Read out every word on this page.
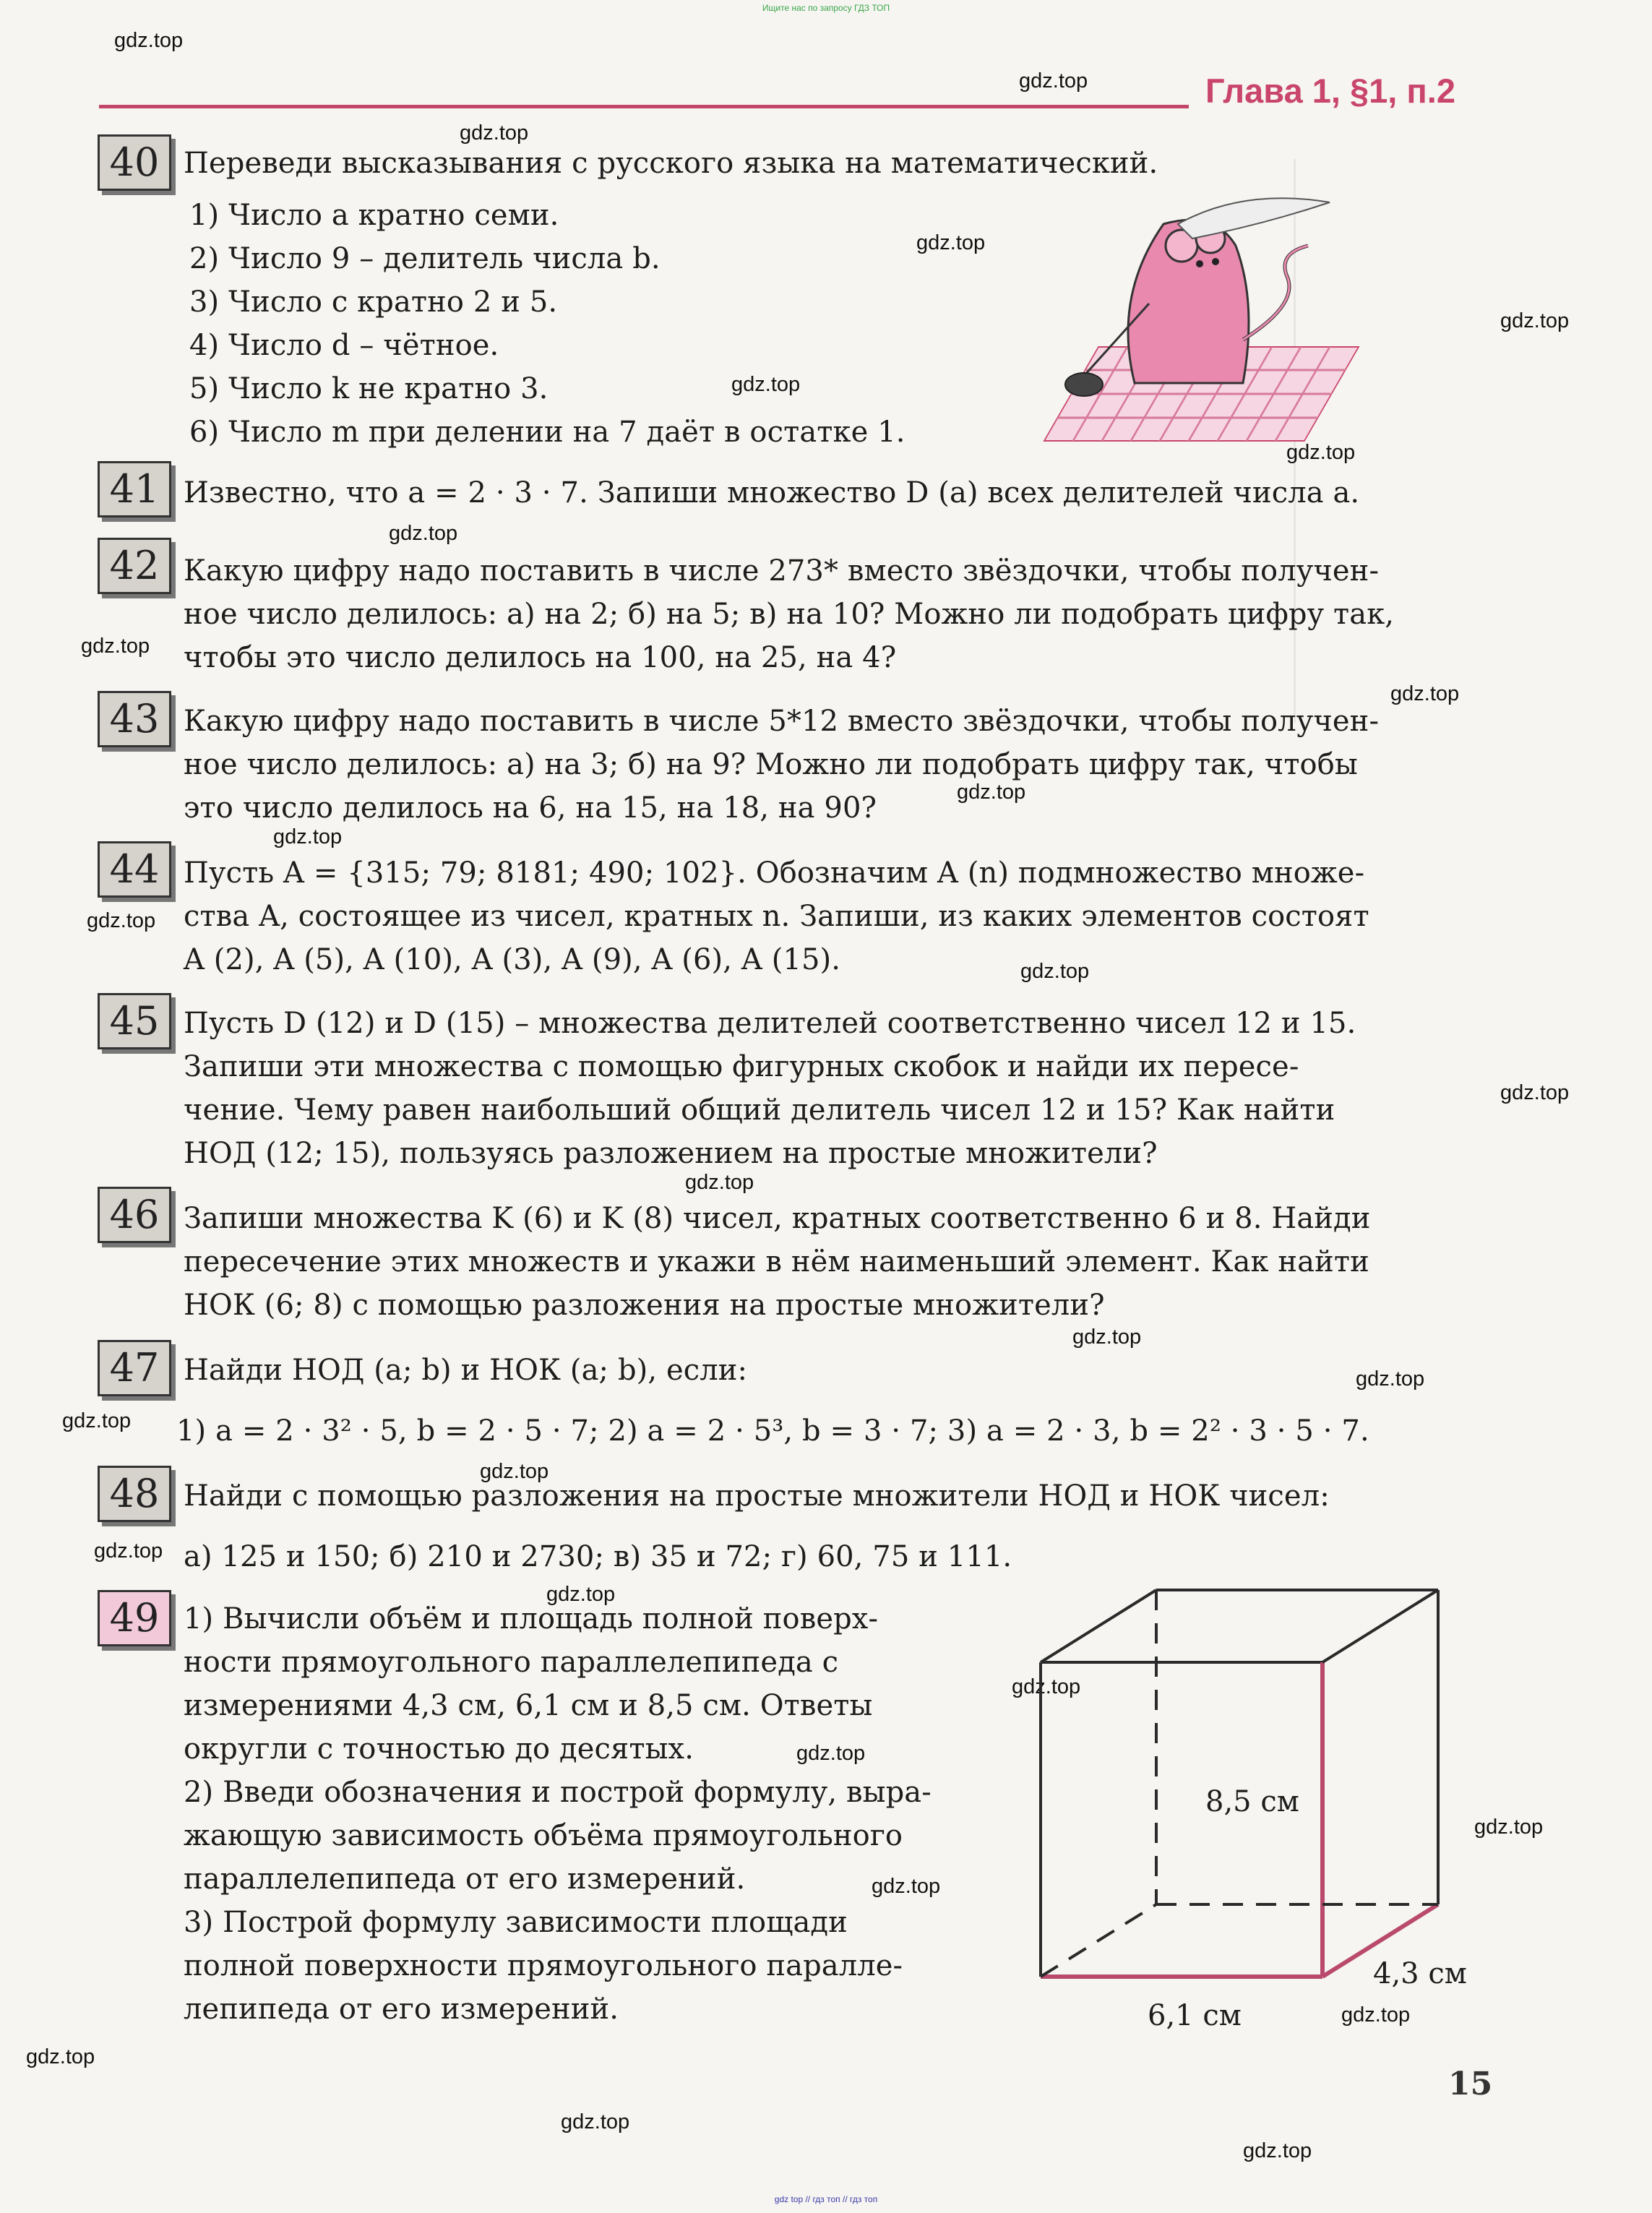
Ищите нас по запросу ГДЗ ТОП
Глава 1, §1, п.2
gdz.top
gdz.top
gdz.top
gdz.top
gdz.top
gdz.top
gdz.top
gdz.top
gdz.top
gdz.top
gdz.top
gdz.top
gdz.top
gdz.top
gdz.top
gdz.top
gdz.top
gdz.top
gdz.top
gdz.top
gdz.top
gdz.top
gdz.top
gdz.top
gdz.top
gdz.top
gdz.top
gdz.top
gdz.top
gdz.top
40 Переведи высказывания с русского языка на математический.
1) Число a кратно семи.
2) Число 9 – делитель числа b.
3) Число c кратно 2 и 5.
4) Число d – чётное.
5) Число k не кратно 3.
6) Число m при делении на 7 даёт в остатке 1.
41 Известно, что a = 2 · 3 · 7. Запиши множество D (a) всех делителей числа a.
42 Какую цифру надо поставить в числе 273* вместо звёздочки, чтобы получен-
ное число делилось: а) на 2; б) на 5; в) на 10? Можно ли подобрать цифру так,
чтобы это число делилось на 100, на 25, на 4?
43 Какую цифру надо поставить в числе 5*12 вместо звёздочки, чтобы получен-
ное число делилось: а) на 3; б) на 9? Можно ли подобрать цифру так, чтобы
это число делилось на 6, на 15, на 18, на 90?
44 Пусть A = {315; 79; 8181; 490; 102}. Обозначим A (n) подмножество множе-
ства A, состоящее из чисел, кратных n. Запиши, из каких элементов состоят
A (2), A (5), A (10), A (3), A (9), A (6), A (15).
45 Пусть D (12) и D (15) – множества делителей соответственно чисел 12 и 15.
Запиши эти множества с помощью фигурных скобок и найди их пересе-
чение. Чему равен наибольший общий делитель чисел 12 и 15? Как найти
НОД (12; 15), пользуясь разложением на простые множители?
46 Запиши множества K (6) и K (8) чисел, кратных соответственно 6 и 8. Найди
пересечение этих множеств и укажи в нём наименьший элемент. Как найти
НОК (6; 8) с помощью разложения на простые множители?
47 Найди НОД (a; b) и НОК (a; b), если:
1) a = 2 · 3² · 5, b = 2 · 5 · 7; 2) a = 2 · 5³, b = 3 · 7; 3) a = 2 · 3, b = 2² · 3 · 5 · 7.
48 Найди с помощью разложения на простые множители НОД и НОК чисел:
а) 125 и 150; б) 210 и 2730; в) 35 и 72; г) 60, 75 и 111.
49 1) Вычисли объём и площадь полной поверх-
ности прямоугольного параллелепипеда с
измерениями 4,3 см, 6,1 см и 8,5 см. Ответы
округли с точностью до десятых.
2) Введи обозначения и построй формулу, выра-
жающую зависимость объёма прямоугольного
параллелепипеда от его измерений.
3) Построй формулу зависимости площади
полной поверхности прямоугольного паралле-
лепипеда от его измерений.
8,5 см
4,3 см
6,1 см
15
gdz top // гдз топ // гдз топ
